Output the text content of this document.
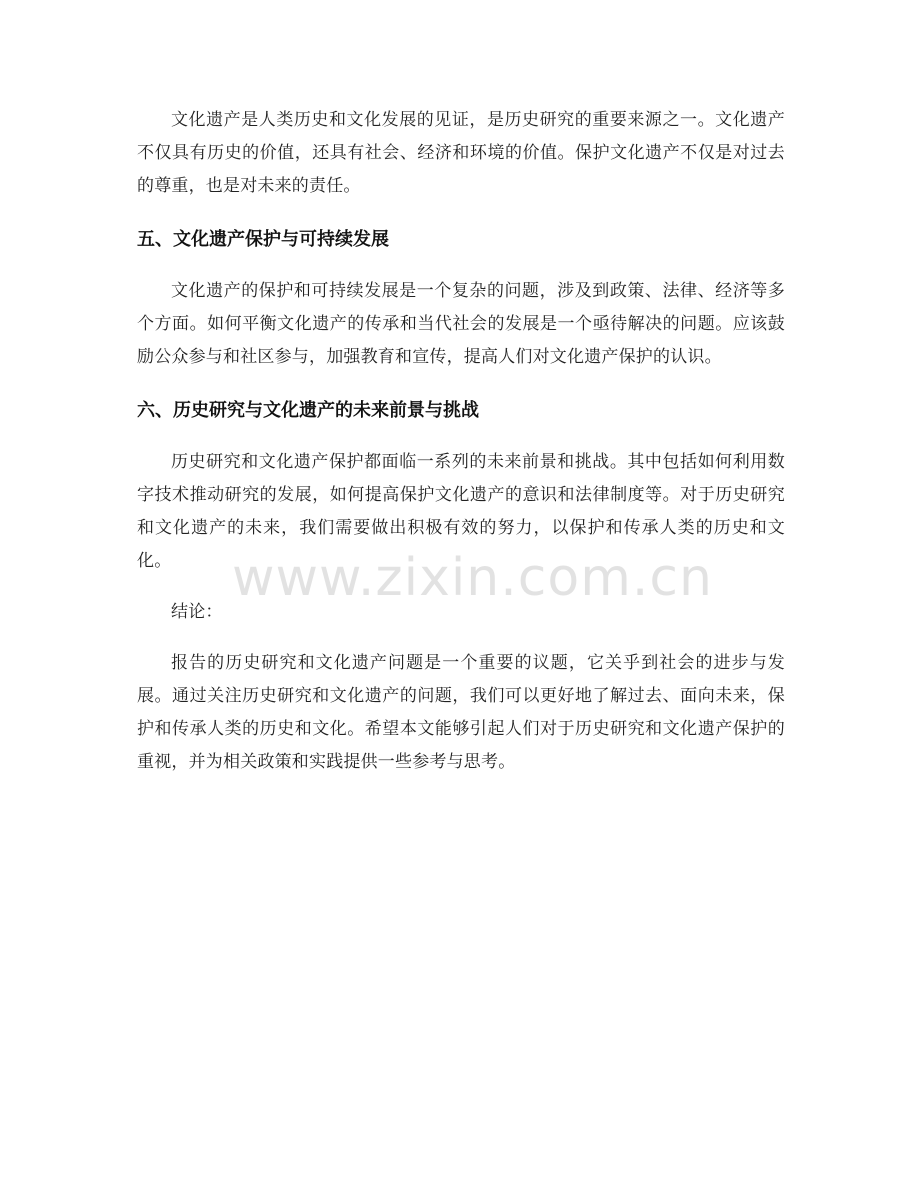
文化遗产是人类历史和文化发展的见证，是历史研究的重要来源之一。文化遗产不仅具有历史的价值，还具有社会、经济和环境的价值。保护文化遗产不仅是对过去的尊重，也是对未来的责任。

五、文化遗产保护与可持续发展

文化遗产的保护和可持续发展是一个复杂的问题，涉及到政策、法律、经济等多个方面。如何平衡文化遗产的传承和当代社会的发展是一个亟待解决的问题。应该鼓励公众参与和社区参与，加强教育和宣传，提高人们对文化遗产保护的认识。

六、历史研究与文化遗产的未来前景与挑战

历史研究和文化遗产保护都面临一系列的未来前景和挑战。其中包括如何利用数字技术推动研究的发展，如何提高保护文化遗产的意识和法律制度等。对于历史研究和文化遗产的未来，我们需要做出积极有效的努力，以保护和传承人类的历史和文化。

结论：

报告的历史研究和文化遗产问题是一个重要的议题，它关乎到社会的进步与发展。通过关注历史研究和文化遗产的问题，我们可以更好地了解过去、面向未来，保护和传承人类的历史和文化。希望本文能够引起人们对于历史研究和文化遗产保护的重视，并为相关政策和实践提供一些参考与思考。

www.zixin.com.cn
